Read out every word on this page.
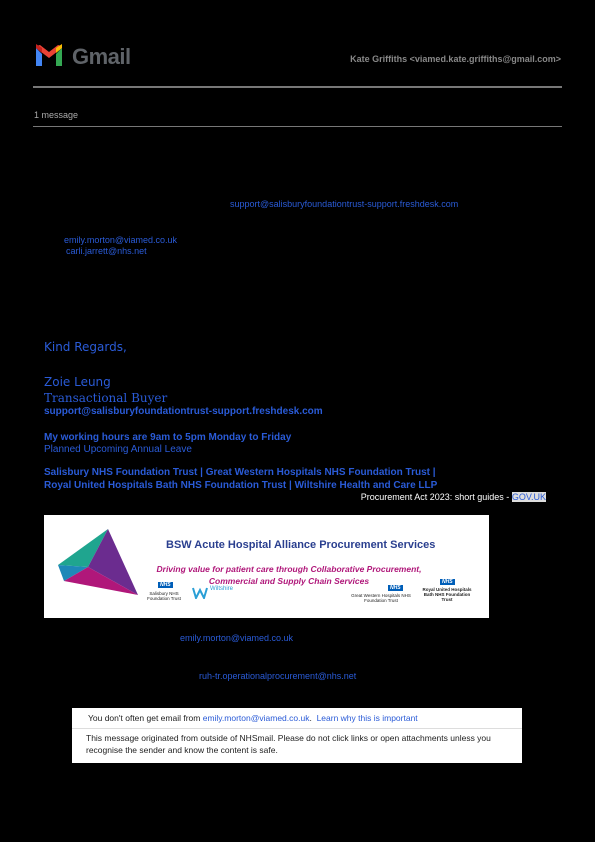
Gmail	Kate Griffiths <viamed.kate.griffiths@gmail.com>
1 message
support@salisburyfoundationtrust-support.freshdesk.com
emily.morton@viamed.co.uk
carli.jarrett@nhs.net
Kind Regards,
Zoie Leung
Transactional Buyer
support@salisburyfoundationtrust-support.freshdesk.com
My working hours are 9am to 5pm Monday to Friday
Planned Upcoming Annual Leave
Salisbury NHS Foundation Trust | Great Western Hospitals NHS Foundation Trust |
Royal United Hospitals Bath NHS Foundation Trust | Wiltshire Health and Care LLP
Procurement Act 2023: short guides - GOV.UK
BSW Acute Hospital Alliance Procurement Services
Driving value for patient care through Collaborative Procurement, Commercial and Supply Chain Services
NHS
Salisbury NHS Foundation Trust
Wiltshire	NHS
Great Western Hospitals NHS Foundation Trust
NHS
Royal United Hospitals Bath NHS Foundation Trust
emily.morton@viamed.co.uk
ruh-tr.operationalprocurement@nhs.net
You don't often get email from emily.morton@viamed.co.uk. Learn why this is important
This message originated from outside of NHSmail. Please do not click links or open attachments unless you recognise the sender and know the content is safe.
